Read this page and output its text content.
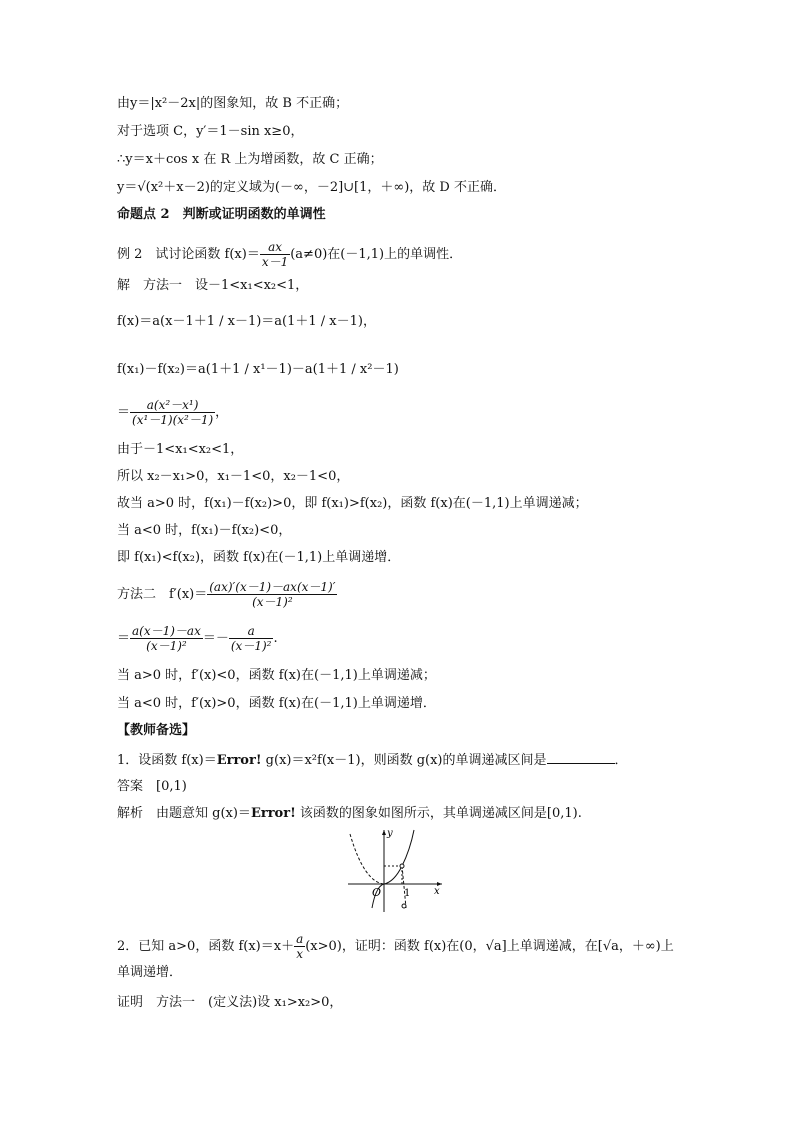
由y＝|x²－2x|的图象知，故 B 不正确；
对于选项 C，y′＝1－sin x≥0，
∴y＝x＋cos x 在 R 上为增函数，故 C 正确；
y＝√(x²＋x－2)的定义域为(－∞，－2]∪[1，＋∞)，故 D 不正确．
命题点 2　判断或证明函数的单调性
例 2　试讨论函数 $f(x)= \frac{ax}{x-1} (a\ne 0)$在(－1,1)上的单调性．
解　方法一　设－1<x₁<x₂<1，
f(x)＝a(x－1＋1 / x－1)＝a(1＋1 / x－1)，
f(x₁)－f(x₂)＝a(1＋1 / x¹－1)－a(1＋1 / x²－1)
＝ $\frac{\text{a(x²－x¹)}}{\text{(x¹－1)(x²－1)}}$ ，
由于－1<x₁<x₂<1，
所以 x₂－x₁>0，x₁－1<0，x₂－1<0，
故当 a>0 时，f(x₁)－f(x₂)>0，即 f(x₁)>f(x₂)，函数 f(x)在(－1,1)上单调递减；
当 a<0 时，f(x₁)－f(x₂)<0，
即 f(x₁)<f(x₂)，函数 f(x)在(－1,1)上单调递增．
方法二　$f'(x)= \frac{(ax)'(x-1)-ax(x-1)'}{\text{(x－1)²}}$
＝ $\frac{a(x-1)-ax}{\text{(x－1)²}} =- \frac{a}{\text{(x－1)²}}$ .
当 a>0 时，f′(x)<0，函数 f(x)在(－1,1)上单调递减；
当 a<0 时，f′(x)>0，函数 f(x)在(－1,1)上单调递增．
【教师备选】
1．设函数 f(x)＝Error! g(x)＝x²f(x－1)，则函数 g(x)的单调递减区间是	．
答案　[0,1)
解析　由题意知 g(x)＝Error! 该函数的图象如图所示，其单调递减区间是[0,1).
y
x
O 1
2．已知 a>0，函数 $f(x)=x+ \frac{a}{x} (x>0)$，证明：函数 f(x)在(0，√a]上单调递减，在[√a，＋∞)上
单调递增．
证明　方法一　(定义法)设 x₁>x₂>0，
